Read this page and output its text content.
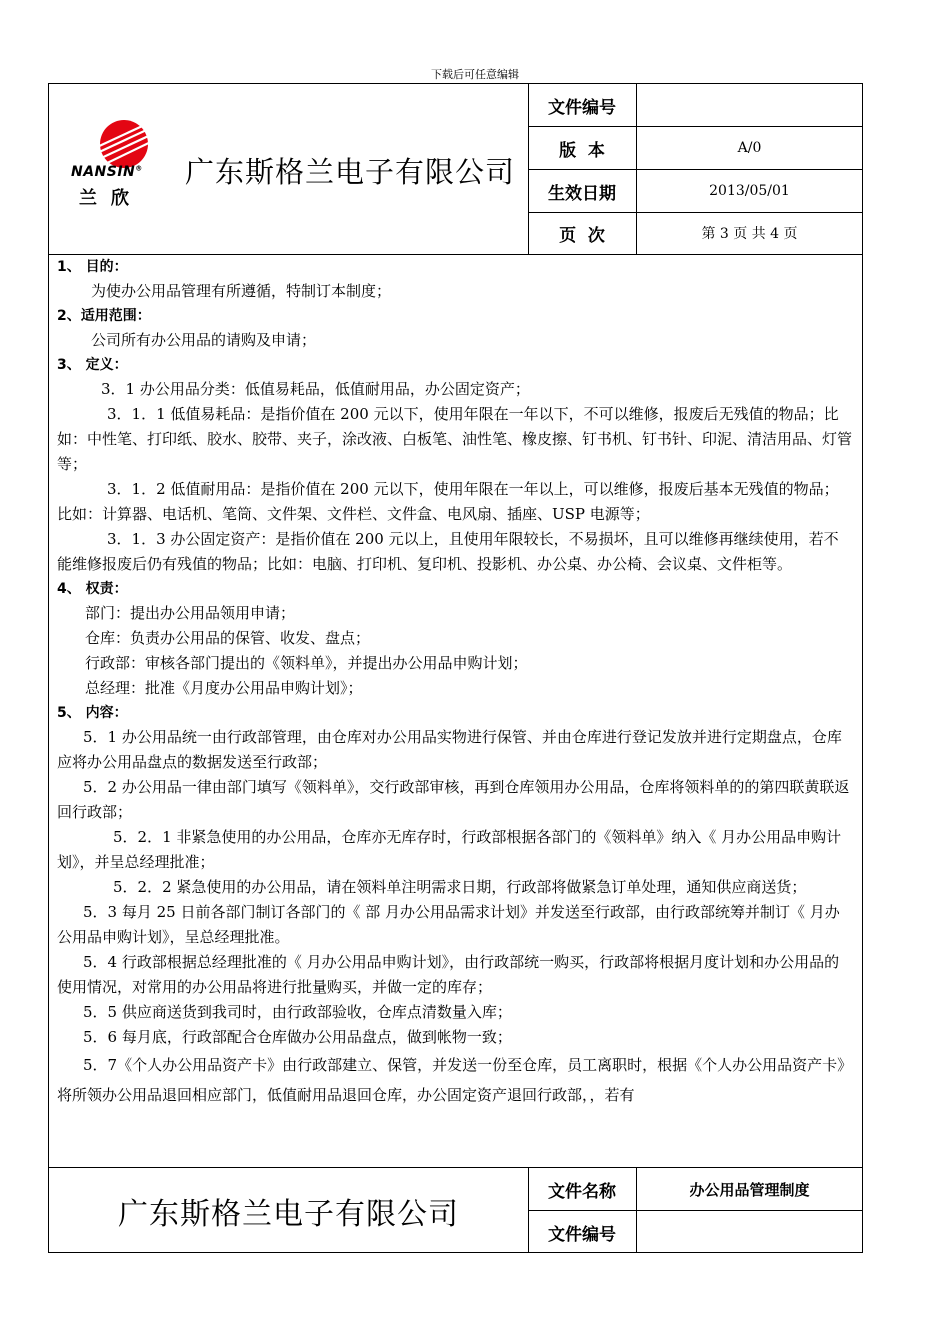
下载后可任意编辑
NANSIN®
兰欣
广东斯格兰电子有限公司
文件编号
版  本	A/0
生效日期	2013/05/01
页  次	第 3 页 共 4 页

1、 目的：

为使办公用品管理有所遵循，特制订本制度；

2、适用范围：

公司所有办公用品的请购及申请；

3、 定义：

3．1 办公用品分类：低值易耗品，低值耐用品，办公固定资产；

3．1．1 低值易耗品：是指价值在 200 元以下，使用年限在一年以下，不可以维修，报废后无残值的物品；比如：中性笔、打印纸、胶水、胶带、夹子，涂改液、白板笔、油性笔、橡皮擦、钉书机、钉书针、印泥、清洁用品、灯管等；

3．1．2 低值耐用品：是指价值在 200 元以下，使用年限在一年以上，可以维修，报废后基本无残值的物品；比如：计算器、电话机、笔筒、文件架、文件栏、文件盒、电风扇、插座、USP 电源等；

3．1．3 办公固定资产：是指价值在 200 元以上，且使用年限较长，不易损坏，且可以维修再继续使用，若不能维修报废后仍有残值的物品；比如：电脑、打印机、复印机、投影机、办公桌、办公椅、会议桌、文件柜等。

4、 权责：

部门：提出办公用品领用申请；

仓库：负责办公用品的保管、收发、盘点；

行政部：审核各部门提出的《领料单》，并提出办公用品申购计划；

总经理：批准《月度办公用品申购计划》；

5、 内容：

5．1 办公用品统一由行政部管理，由仓库对办公用品实物进行保管、并由仓库进行登记发放并进行定期盘点，仓库应将办公用品盘点的数据发送至行政部；

5．2 办公用品一律由部门填写《领料单》，交行政部审核，再到仓库领用办公用品，仓库将领料单的的第四联黄联返回行政部；

5．2．1 非紧急使用的办公用品，仓库亦无库存时，行政部根据各部门的《领料单》纳入《 月办公用品申购计划》，并呈总经理批准；

5．2．2 紧急使用的办公用品，请在领料单注明需求日期，行政部将做紧急订单处理，通知供应商送货；

5．3 每月 25 日前各部门制订各部门的《 部 月办公用品需求计划》并发送至行政部，由行政部统筹并制订《 月办公用品申购计划》，呈总经理批准。

5．4 行政部根据总经理批准的《 月办公用品申购计划》，由行政部统一购买，行政部将根据月度计划和办公用品的使用情况，对常用的办公用品将进行批量购买，并做一定的库存；

5．5 供应商送货到我司时，由行政部验收，仓库点清数量入库；

5．6 每月底，行政部配合仓库做办公用品盘点，做到帐物一致；

5．7《个人办公用品资产卡》由行政部建立、保管，并发送一份至仓库，员工离职时，根据《个人办公用品资产卡》将所领办公用品退回相应部门，低值耐用品退回仓库，办公固定资产退回行政部，，若有

广东斯格兰电子有限公司
文件名称	办公用品管理制度
文件编号
